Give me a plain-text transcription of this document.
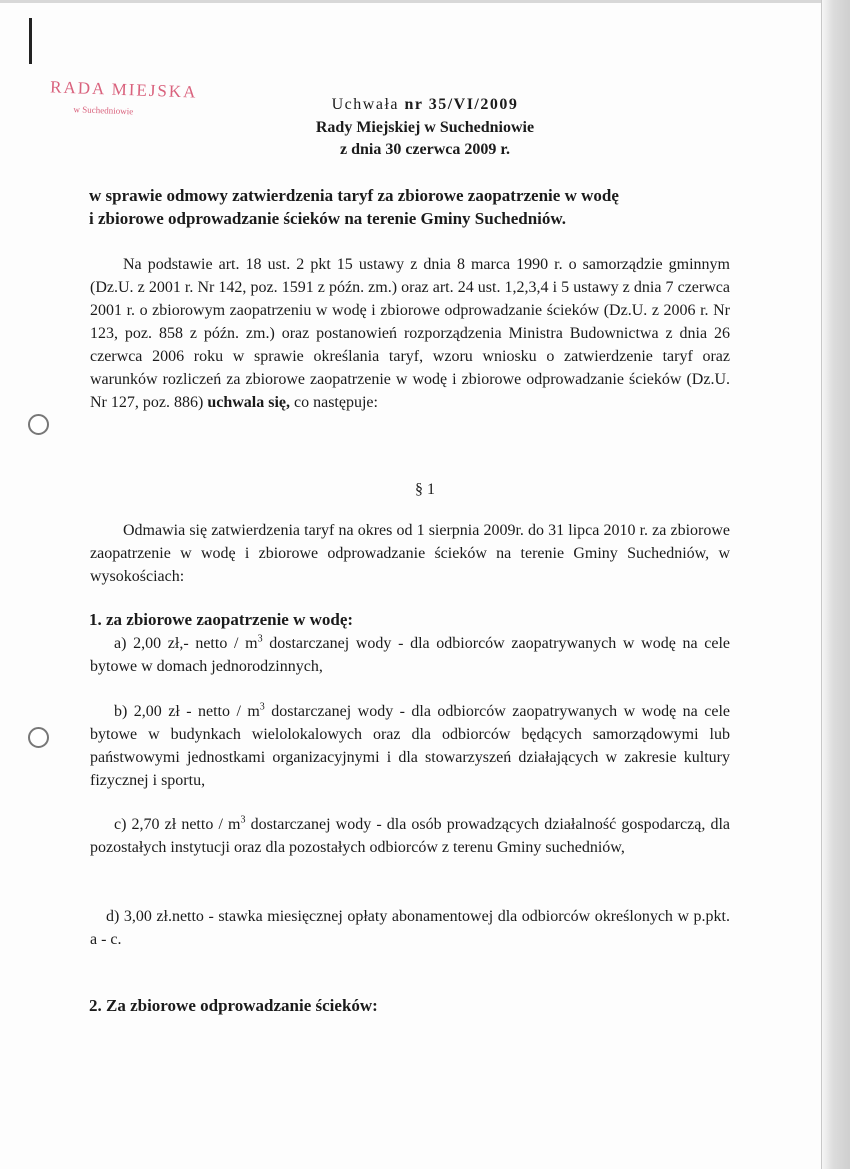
RADA MIEJSKA
w Suchedniowie	Uchwała nr 35/VI/2009
Rady Miejskiej w Suchedniowie
z dnia 30 czerwca 2009 r.
w sprawie odmowy zatwierdzenia taryf za zbiorowe zaopatrzenie w wodę
i zbiorowe odprowadzanie ścieków na terenie Gminy Suchedniów.
Na podstawie art. 18 ust. 2 pkt 15 ustawy z dnia 8 marca 1990 r. o samorządzie gminnym (Dz.U. z 2001 r. Nr 142, poz. 1591 z późn. zm.) oraz art. 24 ust. 1,2,3,4 i 5 ustawy z dnia 7 czerwca 2001 r. o zbiorowym zaopatrzeniu w wodę i zbiorowe odprowadzanie ścieków (Dz.U. z 2006 r. Nr 123, poz. 858 z późn. zm.) oraz postanowień rozporządzenia Ministra Budownictwa z dnia 26 czerwca 2006 roku w sprawie określania taryf, wzoru wniosku o zatwierdzenie taryf oraz warunków rozliczeń za zbiorowe zaopatrzenie w wodę i zbiorowe odprowadzanie ścieków (Dz.U. Nr 127, poz. 886) uchwala się, co następuje:
§ 1
Odmawia się zatwierdzenia taryf na okres od 1 sierpnia 2009r. do 31 lipca 2010 r. za zbiorowe zaopatrzenie w wodę i zbiorowe odprowadzanie ścieków na terenie Gminy Suchedniów, w wysokościach:
1. za zbiorowe zaopatrzenie w wodę:
a) 2,00 zł,- netto / $m^3$ dostarczanej wody - dla odbiorców zaopatrywanych w wodę na cele bytowe w domach jednorodzinnych,
b) 2,00 zł - netto / $m^3$ dostarczanej wody - dla odbiorców zaopatrywanych w wodę na cele bytowe w budynkach wielolokalowych oraz dla odbiorców będących samorządowymi lub państwowymi jednostkami organizacyjnymi i dla stowarzyszeń działających w zakresie kultury fizycznej i sportu,
c) 2,70 zł netto / $m^3$ dostarczanej wody - dla osób prowadzących działalność gospodarczą, dla pozostałych instytucji oraz dla pozostałych odbiorców z terenu Gminy suchedniów,
d) 3,00 zł.netto - stawka miesięcznej opłaty abonamentowej dla odbiorców określonych w p.pkt. a - c.
2. Za zbiorowe odprowadzanie ścieków:
